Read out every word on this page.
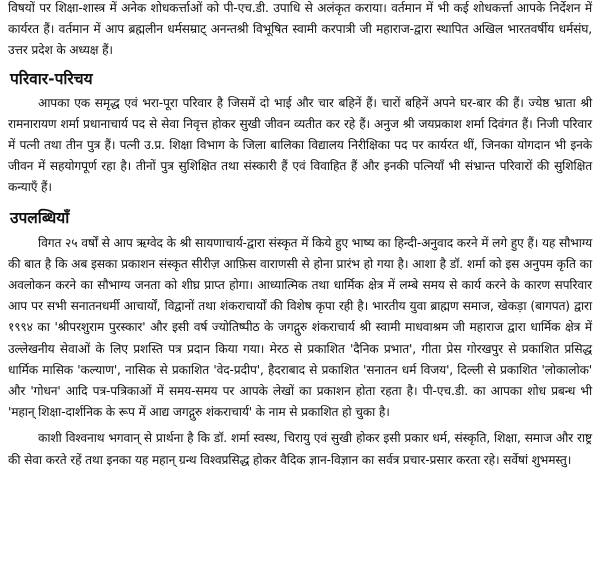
विषयों पर शिक्षा-शास्त्र में अनेक शोधकर्त्ताओं को पी-एच.डी. उपाधि से अलंकृत कराया। वर्तमान में भी कई शोधकर्त्ता आपके निर्देशन में कार्यरत हैं। वर्तमान में आप ब्रह्मलीन धर्मसम्राट् अनन्तश्री विभूषित स्वामी करपात्री जी महाराज-द्वारा स्थापित अखिल भारतवर्षीय धर्मसंघ, उत्तर प्रदेश के अध्यक्ष हैं।

परिवार-परिचय

आपका एक समृद्ध एवं भरा-पूरा परिवार है जिसमें दो भाई और चार बहिनें हैं। चारों बहिनें अपने घर-बार की हैं। ज्येष्ठ भ्राता श्री रामनारायण शर्मा प्रधानाचार्य पद से सेवा निवृत्त होकर सुखी जीवन व्यतीत कर रहे हैं। अनुज श्री जयप्रकाश शर्मा दिवंगत हैं। निजी परिवार में पत्नी तथा तीन पुत्र हैं। पत्नी उ.प्र. शिक्षा विभाग के जिला बालिका विद्यालय निरीक्षिका पद पर कार्यरत थीं, जिनका योगदान भी इनके जीवन में सहयोगपूर्ण रहा है। तीनों पुत्र सुशिक्षित तथा संस्कारी हैं एवं विवाहित हैं और इनकी पत्नियाँ भी संभ्रान्त परिवारों की सुशिक्षित कन्याएँ हैं।

उपलब्धियाँ

विगत २५ वर्षों से आप ऋग्वेद के श्री सायणाचार्य-द्वारा संस्कृत में किये हुए भाष्य का हिन्दी-अनुवाद करने में लगे हुए हैं। यह सौभाग्य की बात है कि अब इसका प्रकाशन संस्कृत सीरीज़ आफ़िस वाराणसी से होना प्रारंभ हो गया है। आशा है डॉ. शर्मा को इस अनुपम कृति का अवलोकन करने का सौभाग्य जनता को शीघ्र प्राप्त होगा। आध्यात्मिक तथा धार्मिक क्षेत्र में लम्बे समय से कार्य करने के कारण सपरिवार आप पर सभी सनातनधर्मी आचार्यों, विद्वानों तथा शंकराचार्यों की विशेष कृपा रही है। भारतीय युवा ब्राह्मण समाज, खेकड़ा (बागपत) द्वारा १९९४ का 'श्रीपरशुराम पुरस्कार' और इसी वर्ष ज्योतिष्पीठ के जगद्गुरु शंकराचार्य श्री स्वामी माधवाश्रम जी महाराज द्वारा धार्मिक क्षेत्र में उल्लेखनीय सेवाओं के लिए प्रशस्ति पत्र प्रदान किया गया। मेरठ से प्रकाशित 'दैनिक प्रभात', गीता प्रेस गोरखपुर से प्रकाशित प्रसिद्ध धार्मिक मासिक 'कल्याण', नासिक से प्रकाशित 'वेद-प्रदीप', हैदराबाद से प्रकाशित 'सनातन धर्म विजय', दिल्ली से प्रकाशित 'लोकालोक' और 'गोधन' आदि पत्र-पत्रिकाओं में समय-समय पर आपके लेखों का प्रकाशन होता रहता है। पी-एच.डी. का आपका शोध प्रबन्ध भी 'महान् शिक्षा-दार्शनिक के रूप में आद्य जगद्गुरु शंकराचार्य' के नाम से प्रकाशित हो चुका है।

काशी विश्वनाथ भगवान् से प्रार्थना है कि डॉ. शर्मा स्वस्थ, चिरायु एवं सुखी होकर इसी प्रकार धर्म, संस्कृति, शिक्षा, समाज और राष्ट्र की सेवा करते रहें तथा इनका यह महान् ग्रन्थ विश्वप्रसिद्ध होकर वैदिक ज्ञान-विज्ञान का सर्वत्र प्रचार-प्रसार करता रहे। सर्वेषां शुभमस्तु।
